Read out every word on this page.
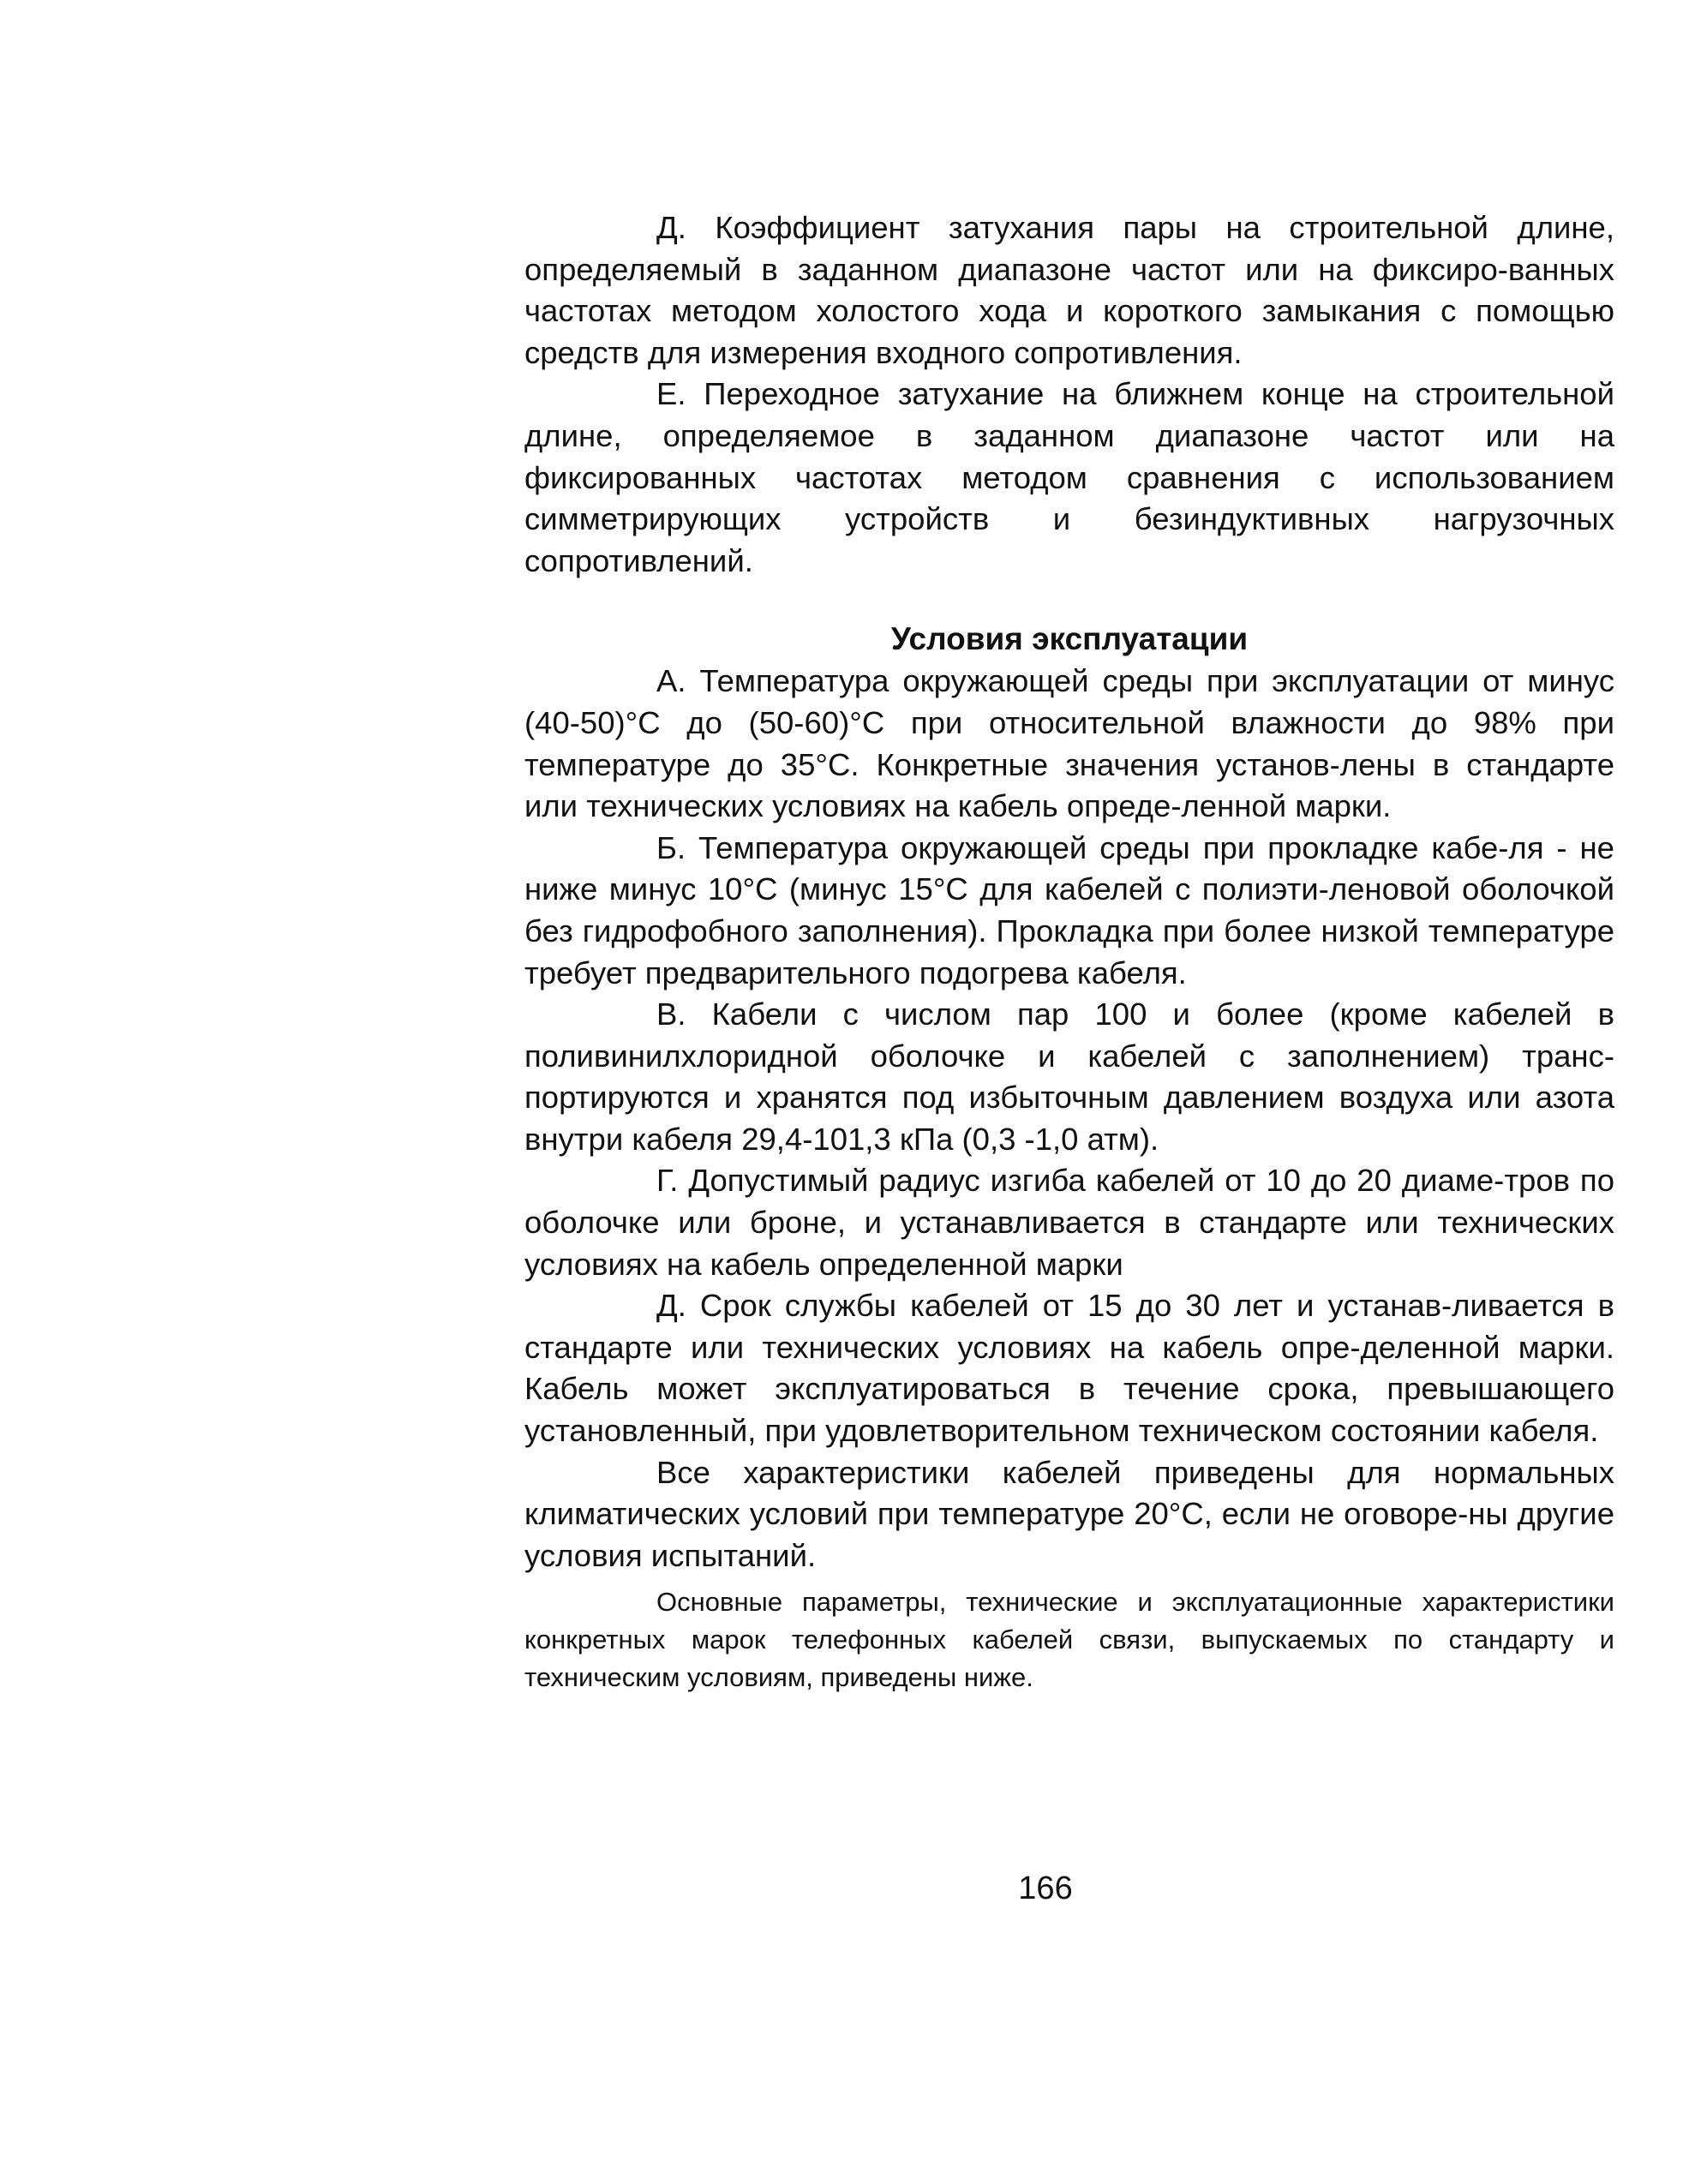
Д. Коэффициент затухания пары на строительной длине, определяемый в заданном диапазоне частот или на фиксиро-ванных частотах методом холостого хода и короткого замыкания с помощью средств для измерения входного сопротивления.

Е. Переходное затухание на ближнем конце на строительной длине, определяемое в заданном диапазоне частот или на фиксированных частотах методом сравнения с использованием симметрирующих устройств и безиндуктивных нагрузочных сопротивлений.

Условия эксплуатации

А. Температура окружающей среды при эксплуатации от минус (40-50)°С до (50-60)°С при относительной влажности до 98% при температуре до 35°С. Конкретные значения установ-лены в стандарте или технических условиях на кабель опреде-ленной марки.

Б. Температура окружающей среды при прокладке кабе-ля - не ниже минус 10°С (минус 15°С для кабелей с полиэти-леновой оболочкой без гидрофобного заполнения). Прокладка при более низкой температуре требует предварительного подогрева кабеля.

В. Кабели с числом пар 100 и более (кроме кабелей в поливинилхлоридной оболочке и кабелей с заполнением) транс-портируются и хранятся под избыточным давлением воздуха или азота внутри кабеля 29,4-101,3 кПа (0,3 -1,0 атм).

Г. Допустимый радиус изгиба кабелей от 10 до 20 диаме-тров по оболочке или броне, и устанавливается в стандарте или технических условиях на кабель определенной марки

Д. Срок службы кабелей от 15 до 30 лет и устанав-ливается в стандарте или технических условиях на кабель опре-деленной марки. Кабель может эксплуатироваться в течение срока, превышающего установленный, при удовлетворительном техническом состоянии кабеля.

Все характеристики кабелей приведены для нормальных климатических условий при температуре 20°С, если не оговоре-ны другие условия испытаний.

Основные параметры, технические и эксплуатационные характеристики конкретных марок телефонных кабелей связи, выпускаемых по стандарту и техническим условиям, приведены ниже.

166
